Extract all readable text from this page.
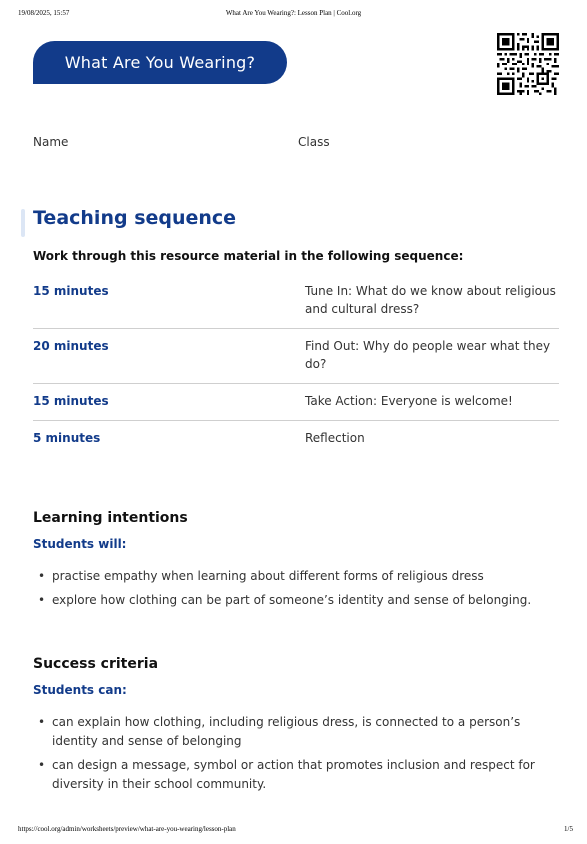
19/08/2025, 15:57	What Are You Wearing?: Lesson Plan | Cool.org
What Are You Wearing?
Name	Class
Teaching sequence
Work through this resource material in the following sequence:
15 minutes	Tune In: What do we know about religious and cultural dress?
20 minutes	Find Out: Why do people wear what they do?
15 minutes	Take Action: Everyone is welcome!
5 minutes	Reflection
Learning intentions
Students will:
• practise empathy when learning about different forms of religious dress
• explore how clothing can be part of someone’s identity and sense of belonging.
Success criteria
Students can:
• can explain how clothing, including religious dress, is connected to a person’s identity and sense of belonging
• can design a message, symbol or action that promotes inclusion and respect for diversity in their school community.
https://cool.org/admin/worksheets/preview/what-are-you-wearing/lesson-plan	1/5
